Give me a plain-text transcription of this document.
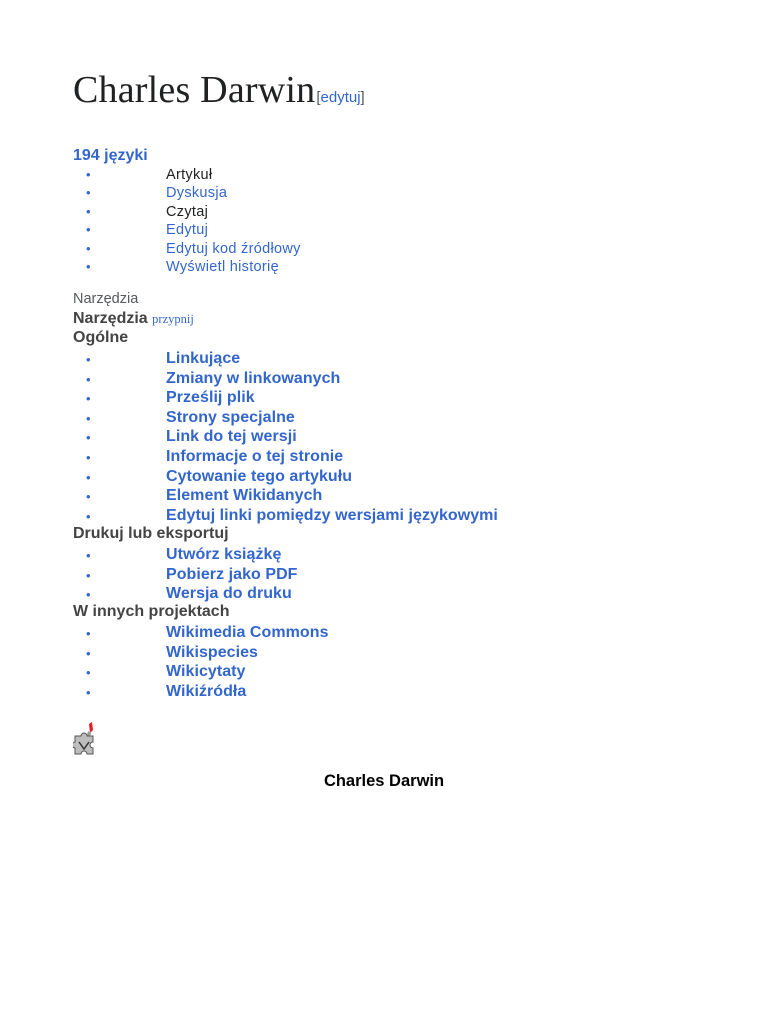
Charles Darwin[edytuj]
194 języki
•	Artykuł
•	Dyskusja
•	Czytaj
•	Edytuj
•	Edytuj kod źródłowy
•	Wyświetl historię
Narzędzia
Narzędzia przypnij
Ogólne
•	Linkujące
•	Zmiany w linkowanych
•	Prześlij plik
•	Strony specjalne
•	Link do tej wersji
•	Informacje o tej stronie
•	Cytowanie tego artykułu
•	Element Wikidanych
•	Edytuj linki pomiędzy wersjami językowymi
Drukuj lub eksportuj
•	Utwórz książkę
•	Pobierz jako PDF
•	Wersja do druku
W innych projektach
•	Wikimedia Commons
•	Wikispecies
•	Wikicytaty
•	Wikiźródła
Charles Darwin
